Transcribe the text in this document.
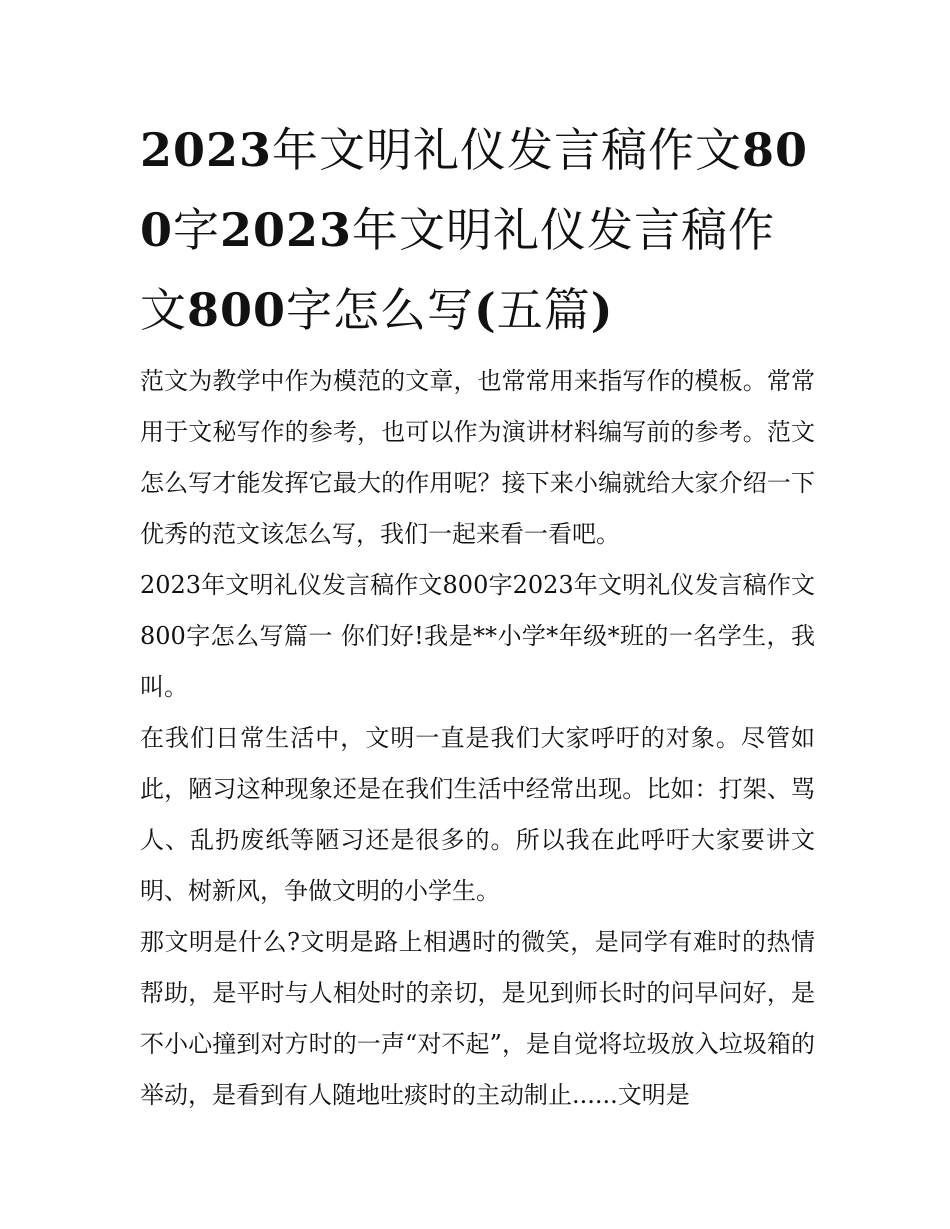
2023年文明礼仪发言稿作文800字2023年文明礼仪发言稿作文800字怎么写(五篇)

范文为教学中作为模范的文章，也常常用来指写作的模板。常常用于文秘写作的参考，也可以作为演讲材料编写前的参考。范文怎么写才能发挥它最大的作用呢？接下来小编就给大家介绍一下优秀的范文该怎么写，我们一起来看一看吧。

2023年文明礼仪发言稿作文800字2023年文明礼仪发言稿作文800字怎么写篇一 你们好!我是**小学*年级*班的一名学生，我叫。

在我们日常生活中，文明一直是我们大家呼吁的对象。尽管如此，陋习这种现象还是在我们生活中经常出现。比如：打架、骂人、乱扔废纸等陋习还是很多的。所以我在此呼吁大家要讲文明、树新风，争做文明的小学生。

那文明是什么?文明是路上相遇时的微笑，是同学有难时的热情帮助，是平时与人相处时的亲切，是见到师长时的问早问好，是不小心撞到对方时的一声“对不起”，是自觉将垃圾放入垃圾箱的举动，是看到有人随地吐痰时的主动制止......文明是
